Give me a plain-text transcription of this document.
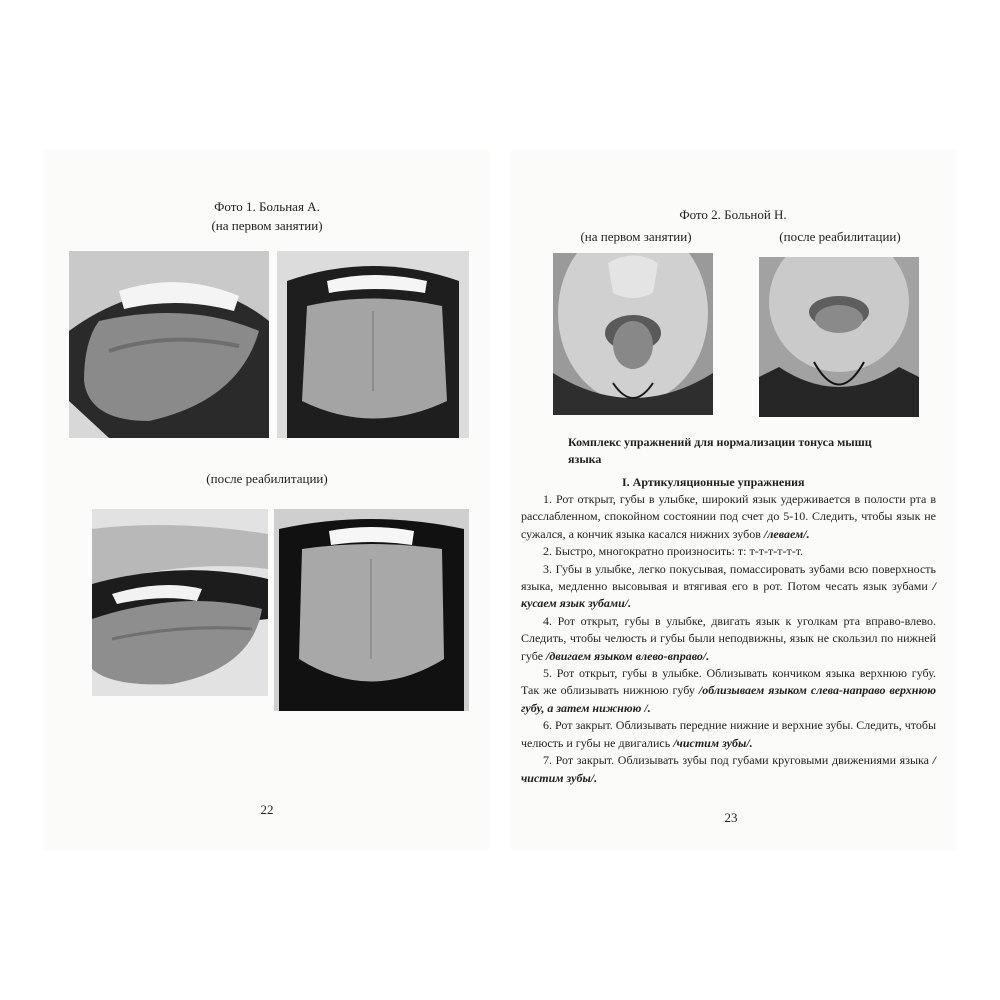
Фото 1. Больная А.
(на первом занятии)
(после реабилитации)
22
Фото 2. Больной Н.
(на первом занятии)	(после реабилитации)
Комплекс упражнений для нормализации тонуса мышц
языка
I. Артикуляционные упражнения

1. Рот открыт, губы в улыбке, широкий язык удерживается в полости рта в расслабленном, спокойном состоянии под счет до 5-10. Следить, чтобы язык не сужался, а кончик языка касался нижних зубов /леваем/.

2. Быстро, многократно произносить: т: т-т-т-т-т-т.

3. Губы в улыбке, легко покусывая, помассировать зубами всю поверхность языка, медленно высовывая и втягивая его в рот. Потом чесать язык зубами /кусаем язык зубами/.

4. Рот открыт, губы в улыбке, двигать язык к уголкам рта вправо-влево. Следить, чтобы челюсть и губы были неподвижны, язык не скользил по нижней губе /двигаем языком влево-вправо/.

5. Рот открыт, губы в улыбке. Облизывать кончиком языка верхнюю губу. Так же облизывать нижнюю губу /облизываем языком слева-направо верхнюю губу, а затем нижнюю /.

6. Рот закрыт. Облизывать передние нижние и верхние зубы. Следить, чтобы челюсть и губы не двигались /чистим зубы/.

7. Рот закрыт. Облизывать зубы под губами круговыми движениями языка /чистим зубы/.

23
